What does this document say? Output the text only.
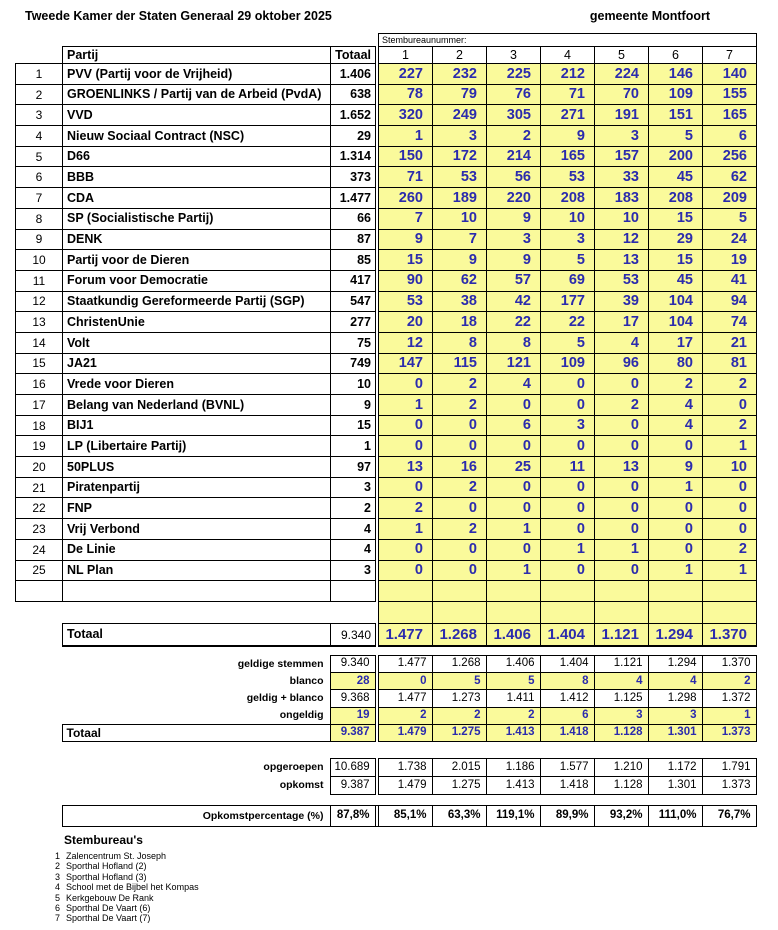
Tweede Kamer der Staten Generaal 29 oktober 2025	gemeente Montfoort
				Stembureaunummer:						
	Partij	Totaal		1	2	3	4	5	6	7
1	PVV (Partij voor de Vrijheid)	1.406		227	232	225	212	224	146	140
2	GROENLINKS / Partij van de Arbeid (PvdA)	638		78	79	76	71	70	109	155
3	VVD	1.652		320	249	305	271	191	151	165
4	Nieuw Sociaal Contract (NSC)	29		1	3	2	9	3	5	6
5	D66	1.314		150	172	214	165	157	200	256
6	BBB	373		71	53	56	53	33	45	62
7	CDA	1.477		260	189	220	208	183	208	209
8	SP (Socialistische Partij)	66		7	10	9	10	10	15	5
9	DENK	87		9	7	3	3	12	29	24
10	Partij voor de Dieren	85		15	9	9	5	13	15	19
11	Forum voor Democratie	417		90	62	57	69	53	45	41
12	Staatkundig Gereformeerde Partij (SGP)	547		53	38	42	177	39	104	94
13	ChristenUnie	277		20	18	22	22	17	104	74
14	Volt	75		12	8	8	5	4	17	21
15	JA21	749		147	115	121	109	96	80	81
16	Vrede voor Dieren	10		0	2	4	0	0	2	2
17	Belang van Nederland (BVNL)	9		1	2	0	0	2	4	0
18	BIJ1	15		0	0	6	3	0	4	2
19	LP (Libertaire Partij)	1		0	0	0	0	0	0	1
20	50PLUS	97		13	16	25	11	13	9	10
21	Piratenpartij	3		0	2	0	0	0	1	0
22	FNP	2		2	0	0	0	0	0	0
23	Vrij Verbond	4		1	2	1	0	0	0	0
24	De Linie	4		0	0	0	1	1	0	2
25	NL Plan	3		0	0	1	0	0	1	1

	Totaal	9.340		1.477	1.268	1.406	1.404	1.121	1.294	1.370
geldige stemmen		9.340		1.477	1.268	1.406	1.404	1.121	1.294	1.370
blanco		28		0	5	5	8	4	4	2
geldig + blanco		9.368		1.477	1.273	1.411	1.412	1.125	1.298	1.372
ongeldig		19		2	2	2	6	3	3	1
	Totaal	9.387		1.479	1.275	1.413	1.418	1.128	1.301	1.373
opgeroepen	10.689		1.738	2.015	1.186	1.577	1.210	1.172	1.791
opkomst	9.387		1.479	1.275	1.413	1.418	1.128	1.301	1.373
	Opkomstpercentage (%)	87,8%		85,1%	63,3%	119,1%	89,9%	93,2%	111,0%	76,7%
Stembureau's
1 Zalencentrum St. Joseph
2 Sporthal Hofland (2)
3 Sporthal Hofland (3)
4 School met de Bijbel het Kompas
5 Kerkgebouw De Rank
6 Sporthal De Vaart (6)
7 Sporthal De Vaart (7)
